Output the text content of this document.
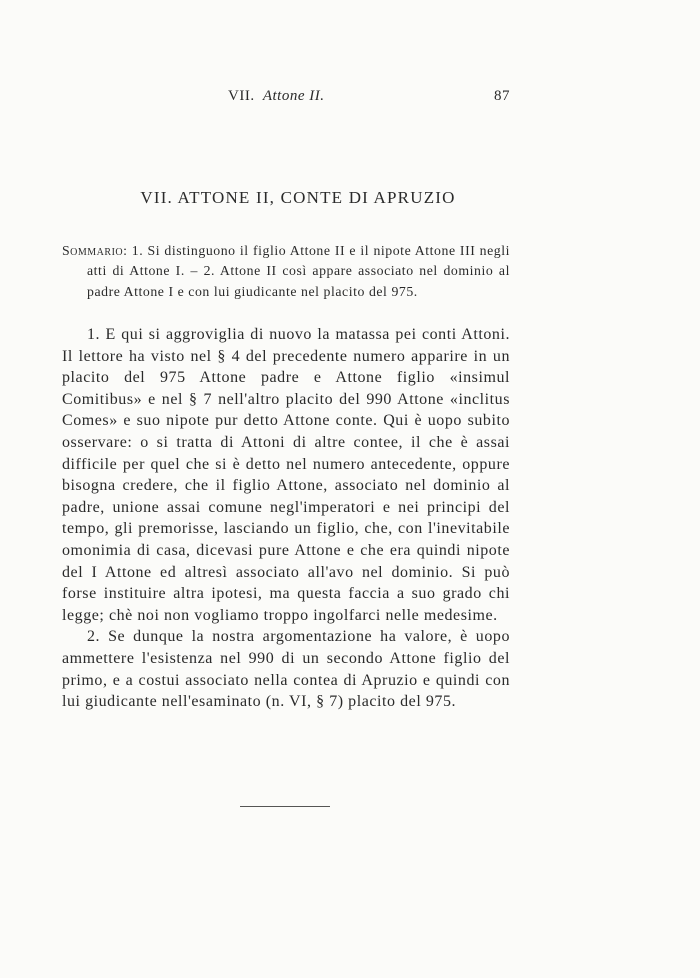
VII. Attone II.	87
VII. ATTONE II, CONTE DI APRUZIO
Sommario: 1. Si distinguono il figlio Attone II e il nipote Attone III negli atti di Attone I. – 2. Attone II così appare associato nel dominio al padre Attone I e con lui giudicante nel placito del 975.

1. E qui si aggroviglia di nuovo la matassa pei conti Attoni. Il lettore ha visto nel § 4 del precedente numero apparire in un placito del 975 Attone padre e Attone figlio «insimul Comitibus» e nel § 7 nell'altro placito del 990 Attone «inclitus Comes» e suo nipote pur detto Attone conte. Qui è uopo subito osservare: o si tratta di Attoni di altre contee, il che è assai difficile per quel che si è detto nel numero antecedente, oppure bisogna credere, che il figlio Attone, associato nel dominio al padre, unione assai comune negl'imperatori e nei principi del tempo, gli premorisse, lasciando un figlio, che, con l'inevitabile omonimia di casa, dicevasi pure Attone e che era quindi nipote del I Attone ed altresì associato all'avo nel dominio. Si può forse instituire altra ipotesi, ma questa faccia a suo grado chi legge; chè noi non vogliamo troppo ingolfarci nelle medesime.

2. Se dunque la nostra argomentazione ha valore, è uopo ammettere l'esistenza nel 990 di un secondo Attone figlio del primo, e a costui associato nella contea di Apruzio e quindi con lui giudicante nell'esaminato (n. VI, § 7) placito del 975.
